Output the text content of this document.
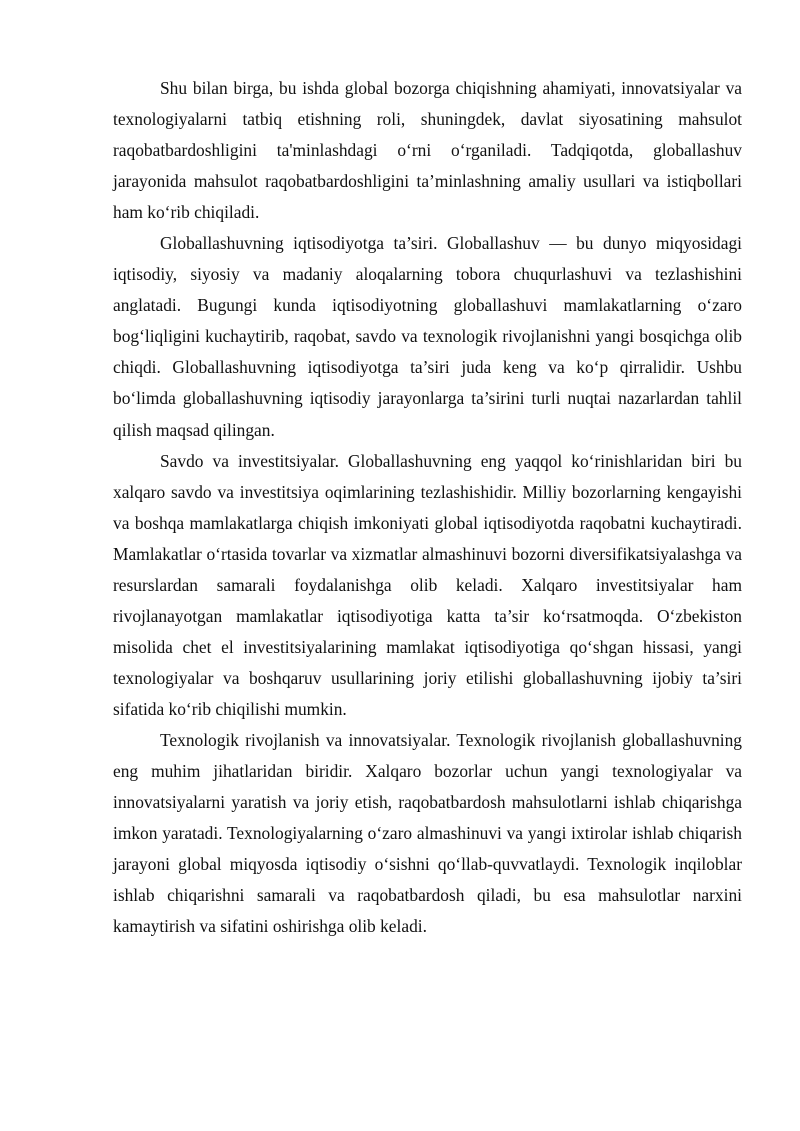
Shu bilan birga, bu ishda global bozorga chiqishning ahamiyati, innovatsiyalar va texnologiyalarni tatbiq etishning roli, shuningdek, davlat siyosatining mahsulot raqobatbardoshligini ta'minlashdagi oʻrni oʻrganiladi. Tadqiqotda, globallashuv jarayonida mahsulot raqobatbardoshligini ta’minlashning amaliy usullari va istiqbollari ham koʻrib chiqiladi.

Globallashuvning iqtisodiyotga ta’siri. Globallashuv — bu dunyo miqyosidagi iqtisodiy, siyosiy va madaniy aloqalarning tobora chuqurlashuvi va tezlashishini anglatadi. Bugungi kunda iqtisodiyotning globallashuvi mamlakatlarning oʻzaro bogʻliqligini kuchaytirib, raqobat, savdo va texnologik rivojlanishni yangi bosqichga olib chiqdi. Globallashuvning iqtisodiyotga ta’siri juda keng va koʻp qirralidir. Ushbu boʻlimda globallashuvning iqtisodiy jarayonlarga ta’sirini turli nuqtai nazarlardan tahlil qilish maqsad qilingan.

Savdo va investitsiyalar. Globallashuvning eng yaqqol koʻrinishlaridan biri bu xalqaro savdo va investitsiya oqimlarining tezlashishidir. Milliy bozorlarning kengayishi va boshqa mamlakatlarga chiqish imkoniyati global iqtisodiyotda raqobatni kuchaytiradi. Mamlakatlar oʻrtasida tovarlar va xizmatlar almashinuvi bozorni diversifikatsiyalashga va resurslardan samarali foydalanishga olib keladi. Xalqaro investitsiyalar ham rivojlanayotgan mamlakatlar iqtisodiyotiga katta ta’sir koʻrsatmoqda. Oʻzbekiston misolida chet el investitsiyalarining mamlakat iqtisodiyotiga qoʻshgan hissasi, yangi texnologiyalar va boshqaruv usullarining joriy etilishi globallashuvning ijobiy ta’siri sifatida koʻrib chiqilishi mumkin.

Texnologik rivojlanish va innovatsiyalar. Texnologik rivojlanish globallashuvning eng muhim jihatlaridan biridir. Xalqaro bozorlar uchun yangi texnologiyalar va innovatsiyalarni yaratish va joriy etish, raqobatbardosh mahsulotlarni ishlab chiqarishga imkon yaratadi. Texnologiyalarning oʻzaro almashinuvi va yangi ixtirolar ishlab chiqarish jarayoni global miqyosda iqtisodiy oʻsishni qoʻllab-quvvatlaydi. Texnologik inqiloblar ishlab chiqarishni samarali va raqobatbardosh qiladi, bu esa mahsulotlar narxini kamaytirish va sifatini oshirishga olib keladi.
